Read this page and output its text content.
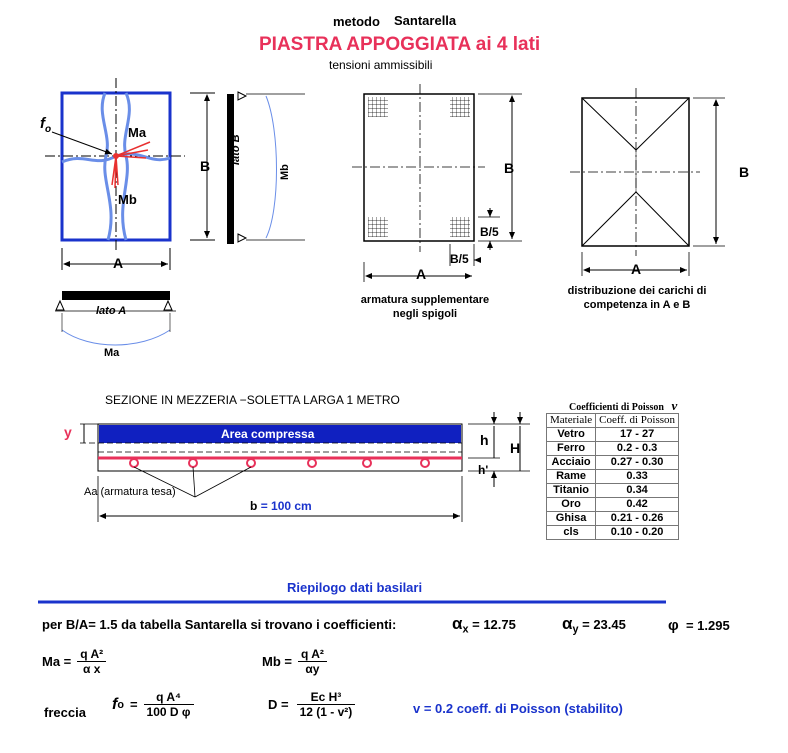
metodo Santarella
PIASTRA APPOGGIATA ai 4 lati
tensioni ammissibili
$f_o$	Ma
Mb
B
A
lato B
Mb
lato A
Ma
B
B/5
B/5
A
armatura supplementare
negli spigoli
B
A
distribuzione dei carichi di
competenza in A e B
SEZIONE IN MEZZERIA −SOLETTA LARGA 1 METRO
Area compressa
y	h H
h'
Aa (armatura tesa)
b = 100 cm
Coefficienti di Poisson ν
Materiale	Coeff. di Poisson
Vetro	17 - 27
Ferro	0.2 - 0.3
Acciaio	0.27 - 0.30
Rame	0.33
Titanio	0.34
Oro	0.42
Ghisa	0.21 - 0.26
cls	0.10 - 0.20
Riepilogo dati basilari
per B/A= 1.5 da tabella Santarella si trovano i coefficienti:	$\alpha_x = 12.75$	$\alpha_y = 23.45$	φ = 1.295
$Ma = \frac{\text{q A²}}{\text{α x}}$	$Mb = \frac{\text{q A²}}{\alpha y}$
freccia f $o = \frac{\text{q A⁴}}{\text{100 D φ}}$	$D = \frac{\text{Ec H³}}{\text{12 (1 - v²)}}$	v = 0.2 coeff. di Poisson (stabilito)
